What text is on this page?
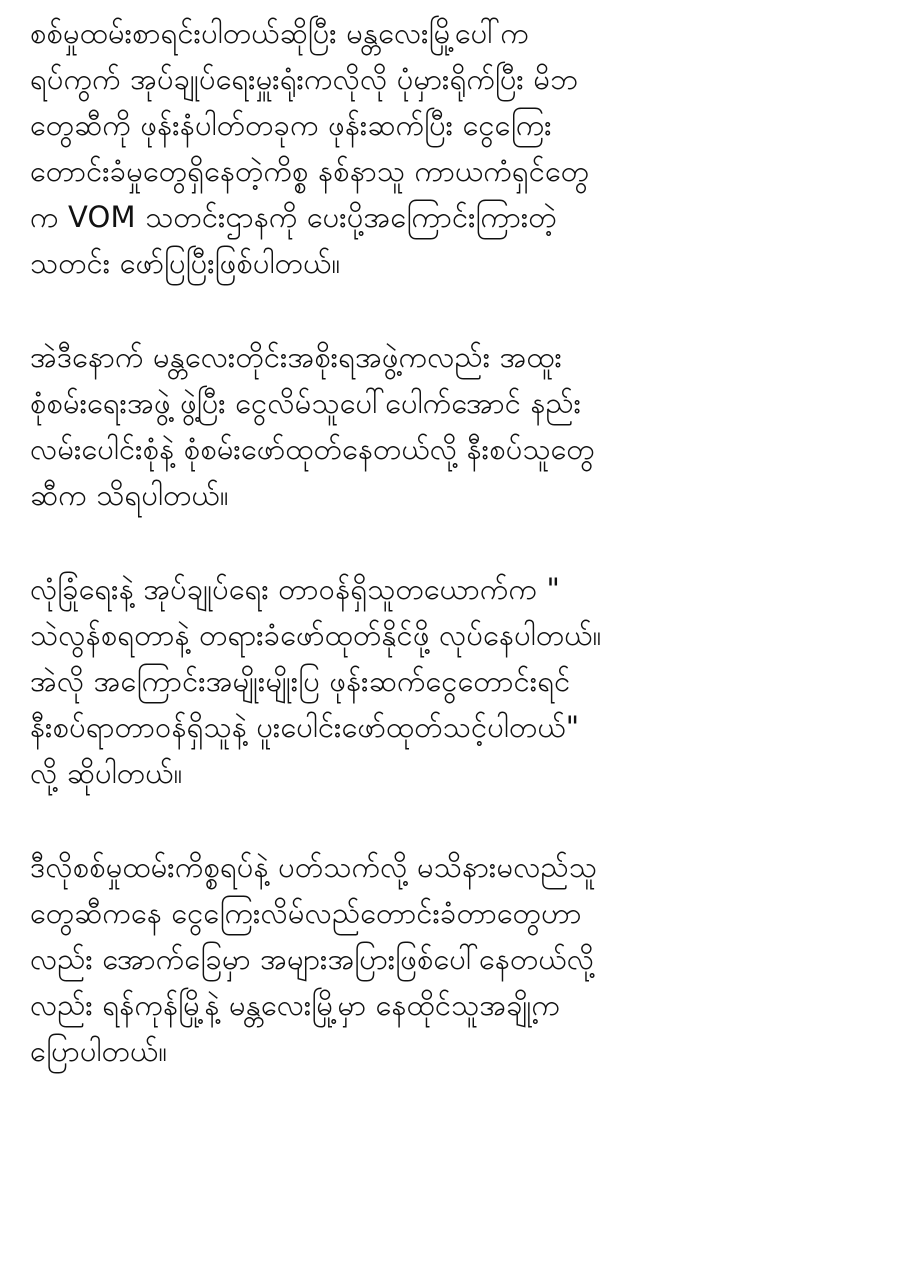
စစ်မှုထမ်းစာရင်းပါတယ်ဆိုပြီး မန္တလေးမြို့ပေါ်က
ရပ်ကွက် အုပ်ချုပ်ရေးမှူးရုံးကလိုလို ပုံမှားရိုက်ပြီး မိဘ
တွေဆီကို ဖုန်းနံပါတ်တခုက ဖုန်းဆက်ပြီး ငွေကြေး
တောင်းခံမှုတွေရှိနေတဲ့ကိစ္စ နစ်နာသူ ကာယကံရှင်တွေ
က VOM သတင်းဌာနကို ပေးပို့အကြောင်းကြားတဲ့
သတင်း ဖော်ပြပြီးဖြစ်ပါတယ်။
အဲဒီနောက် မန္တလေးတိုင်းအစိုးရအဖွဲ့ကလည်း အထူး
စုံစမ်းရေးအဖွဲ့ ဖွဲ့ပြီး ငွေလိမ်သူပေါ်ပေါက်အောင် နည်း
လမ်းပေါင်းစုံနဲ့ စုံစမ်းဖော်ထုတ်နေတယ်လို့ နီးစပ်သူတွေ
ဆီက သိရပါတယ်။
လုံခြုံရေးနဲ့ အုပ်ချုပ်ရေး တာဝန်ရှိသူတယောက်က "
သဲလွန်စရတာနဲ့ တရားခံဖော်ထုတ်နိုင်ဖို့ လုပ်နေပါတယ်။
အဲလို အကြောင်းအမျိုးမျိုးပြ ဖုန်းဆက်ငွေတောင်းရင်
နီးစပ်ရာတာဝန်ရှိသူနဲ့ ပူးပေါင်းဖော်ထုတ်သင့်ပါတယ်"
လို့ ဆိုပါတယ်။
ဒီလိုစစ်မှုထမ်းကိစ္စရပ်နဲ့ ပတ်သက်လို့ မသိနားမလည်သူ
တွေဆီကနေ ငွေကြေးလိမ်လည်တောင်းခံတာတွေဟာ
လည်း အောက်ခြေမှာ အများအပြားဖြစ်ပေါ်နေတယ်လို့
လည်း ရန်ကုန်မြို့နဲ့ မန္တလေးမြို့မှာ နေထိုင်သူအချို့က
ပြောပါတယ်။
